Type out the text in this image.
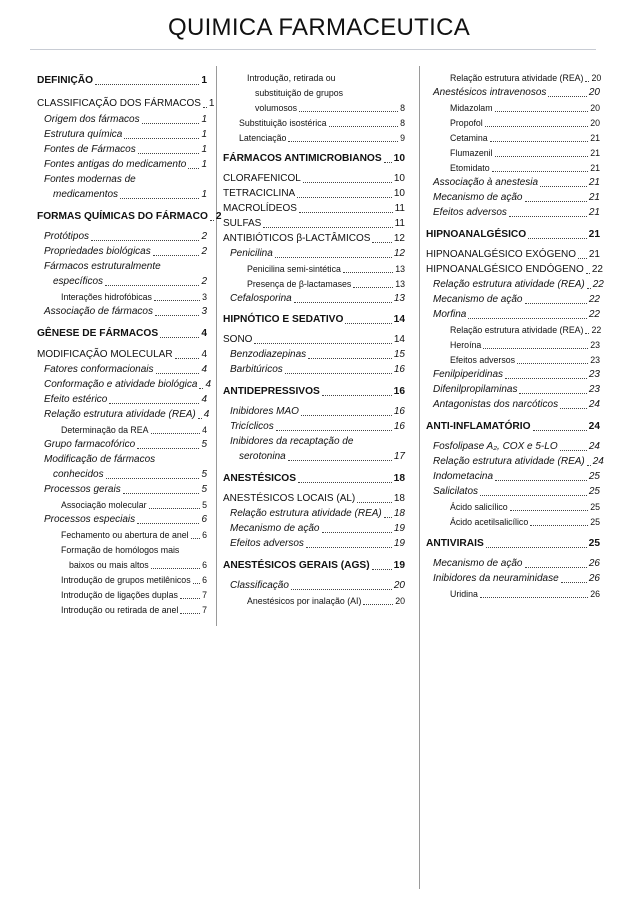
QUIMICA FARMACEUTICA
DEFINIÇÃO	1
CLASSIFICAÇÃO DOS FÁRMACOS 1
Origem dos fármacos	1
Estrutura química	1
Fontes de Fármacos	1
Fontes antigas do medicamento 1
Fontes modernas de
medicamentos	1
FORMAS QUÍMICAS DO FÁRMACO 2
Protótipos	2
Propriedades biológicas	2
Fármacos estruturalmente
específicos	2
Interações hidrofóbicas	3
Associação de fármacos	3
GÊNESE DE FÁRMACOS	4
MODIFICAÇÃO MOLECULAR	4
Fatores conformacionais	4
Conformação e atividade biológica 4
Efeito estérico	4
Relação estrutura atividade (REA) 4
Determinação da REA	4
Grupo farmacofórico	5
Modificação de fármacos
conhecidos	5
Processos gerais	5
Associação molecular	5
Processos especiais	6
Fechamento ou abertura de anel 6
Formação de homólogos mais
baixos ou mais altos	6
Introdução de grupos metilênicos 6
Introdução de ligações duplas	7
Introdução ou retirada de anel	7
Introdução, retirada ou
substituição de grupos
volumosos	8
Substituição isostérica	8
Latenciação	9
FÁRMACOS ANTIMICROBIANOS 10
CLORAFENICOL	10
TETRACICLINA	10
MACROLÍDEOS	11
SULFAS	11
ANTIBIÓTICOS β-LACTÂMICOS 12
Penicilina	12
Penicilina semi-sintética	13
Presença de β-lactamases	13
Cefalosporina	13
HIPNÓTICO E SEDATIVO	14
SONO	14
Benzodiazepinas	15
Barbitúricos	16
ANTIDEPRESSIVOS	16
Inibidores MAO	16
Tricíclicos	16
Inibidores da recaptação de
serotonina	17
ANESTÉSICOS	18
ANESTÉSICOS LOCAIS (AL)	18
Relação estrutura atividade (REA) 18
Mecanismo de ação	19
Efeitos adversos	19
ANESTÉSICOS GERAIS (AGS) 19
Classificação	20
Anestésicos por inalação (AI)	20
Relação estrutura atividade (REA) 20
Anestésicos intravenosos	20
Midazolam	20
Propofol	20
Cetamina	21
Flumazenil	21
Etomidato	21
Associação à anestesia	21
Mecanismo de ação	21
Efeitos adversos	21
HIPNOANALGÉSICO	21
HIPNOANALGÉSICO EXÓGENO 21
HIPNOANALGÉSICO ENDÓGENO 22
Relação estrutura atividade (REA) 22
Mecanismo de ação	22
Morfina	22
Relação estrutura atividade (REA) 22
Heroína	23
Efeitos adversos	23
Fenilpiperidinas	23
Difenilpropilaminas	23
Antagonistas dos narcóticos	24
ANTI-INFLAMATÓRIO	24
Fosfolipase A₂, COX e 5-LO	24
Relação estrutura atividade (REA) 24
Indometacina	25
Salicilatos	25
Ácido salicílico	25
Ácido acetilsalicílico	25
ANTIVIRAIS	25
Mecanismo de ação	26
Inibidores da neuraminidase	26
Uridina	26
